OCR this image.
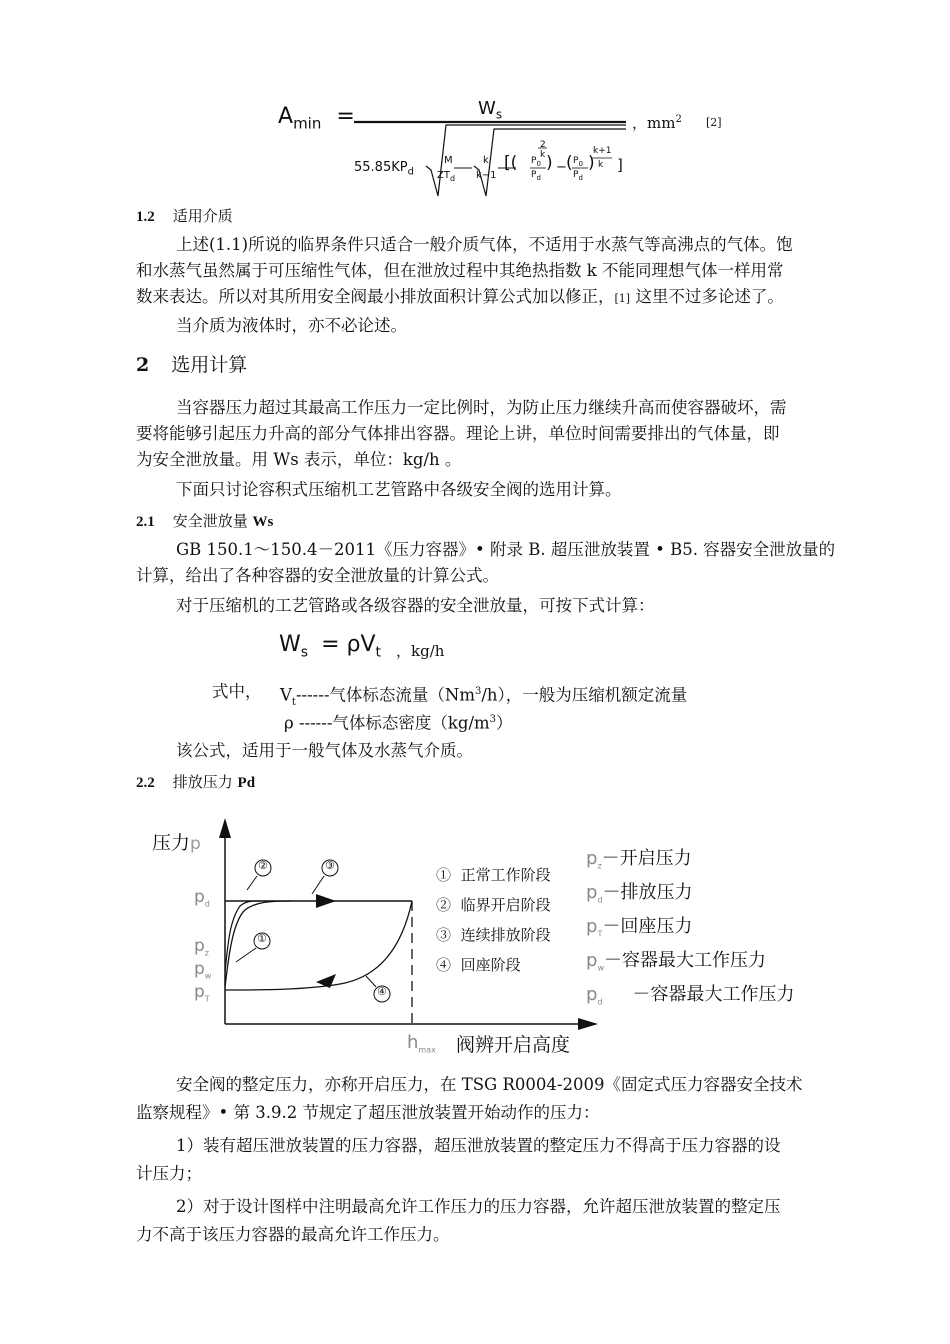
$A_{min}$ =	$W_s$
$55.85KP_d$
M
$ZT_d$
k
k−1
[( $P_0$
$P_d$
)
2
k
− ( $P_0$
$P_d$
)
k+1
k ]
，$mm^2$ [2]
1.2 适用介质
上述(1.1)所说的临界条件只适合一般介质气体，不适用于水蒸气等高沸点的气体。饱
和水蒸气虽然属于可压缩性气体，但在泄放过程中其绝热指数 k 不能同理想气体一样用常
数来表达。所以对其所用安全阀最小排放面积计算公式加以修正，[1] 这里不过多论述了。
当介质为液体时，亦不必论述。
2 选用计算
当容器压力超过其最高工作压力一定比例时，为防止压力继续升高而使容器破坏，需
要将能够引起压力升高的部分气体排出容器。理论上讲，单位时间需要排出的气体量，即
为安全泄放量。用 Ws 表示，单位：kg/h 。
下面只讨论容积式压缩机工艺管路中各级安全阀的选用计算。
2.1 安全泄放量 Ws
GB 150.1～150.4－2011《压力容器》• 附录 B. 超压泄放装置 • B5. 容器安全泄放量的
计算，给出了各种容器的安全泄放量的计算公式。
对于压缩机的工艺管路或各级容器的安全泄放量，可按下式计算：
$W_s = \rho V_t$ ，kg/h
式中， $V_t------$气体标态流量（Nm$^3$/h），一般为压缩机额定流量
ρ ------气体标态密度$(kg/m^3)$
该公式，适用于一般气体及水蒸气介质。
2.2 排放压力 Pd
压力p
$p_d$
$p_z$
$p_w$
$p_T$
②	③
①
④
$h_{max}$ 阀辨开启高度
① 正常工作阶段
② 临界开启阶段
③ 连续排放阶段
④ 回座阶段
$p_z-$开启压力
$p_d-$排放压力
$p_T-$回座压力
$p_w-$容器最大工作压力
$p_d$ －容器最大工作压力
安全阀的整定压力，亦称开启压力，在 TSG R0004-2009《固定式压力容器安全技术
监察规程》• 第 3.9.2 节规定了超压泄放装置开始动作的压力：
1）装有超压泄放装置的压力容器，超压泄放装置的整定压力不得高于压力容器的设
计压力；
2）对于设计图样中注明最高允许工作压力的压力容器，允许超压泄放装置的整定压
力不高于该压力容器的最高允许工作压力。
